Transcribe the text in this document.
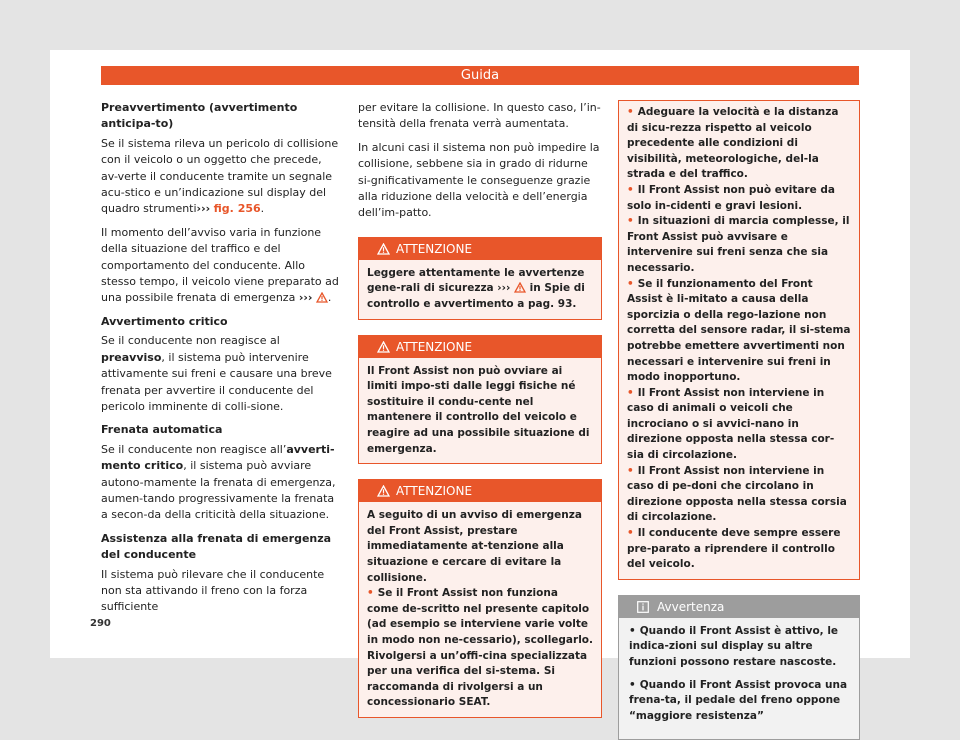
Guida
Preavvertimento (avvertimento anticipa-to)

Se il sistema rileva un pericolo di collisione con il veicolo o un oggetto che precede, av-verte il conducente tramite un segnale acu-stico e un’indicazione sul display del quadro strumenti››› fig. 256.

Il momento dell’avviso varia in funzione della situazione del traffico e del comportamento del conducente. Allo stesso tempo, il veicolo viene preparato ad una possibile frenata di emergenza ››› .

Avvertimento critico

Se il conducente non reagisce al preavviso, il sistema può intervenire attivamente sui freni e causare una breve frenata per avvertire il conducente del pericolo imminente di colli-sione.

Frenata automatica

Se il conducente non reagisce all’avverti-mento critico, il sistema può avviare autono-mamente la frenata di emergenza, aumen-tando progressivamente la frenata a secon-da della criticità della situazione.

Assistenza alla frenata di emergenza del conducente

Il sistema può rilevare che il conducente non sta attivando il freno con la forza sufficiente

per evitare la collisione. In questo caso, l’in-tensità della frenata verrà aumentata.

In alcuni casi il sistema non può impedire la collisione, sebbene sia in grado di ridurne si-gnificativamente le conseguenze grazie alla riduzione della velocità e dell’energia dell’im-patto.

ATTENZIONE

Leggere attentamente le avvertenze gene-rali di sicurezza ››› in Spie di controllo e avvertimento a pag. 93.

ATTENZIONE

Il Front Assist non può ovviare ai limiti impo-sti dalle leggi fisiche né sostituire il condu-cente nel mantenere il controllo del veicolo e reagire ad una possibile situazione di emergenza.

ATTENZIONE

A seguito di un avviso di emergenza del Front Assist, prestare immediatamente at-tenzione alla situazione e cercare di evitare la collisione.

• Se il Front Assist non funziona come de-scritto nel presente capitolo (ad esempio se interviene varie volte in modo non ne-cessario), scollegarlo. Rivolgersi a un’offi-cina specializzata per una verifica del si-stema. Si raccomanda di rivolgersi a un concessionario SEAT.

• Adeguare la velocità e la distanza di sicu-rezza rispetto al veicolo precedente alle condizioni di visibilità, meteorologiche, del-la strada e del traffico.

• Il Front Assist non può evitare da solo in-cidenti e gravi lesioni.

• In situazioni di marcia complesse, il Front Assist può avvisare e intervenire sui freni senza che sia necessario.

• Se il funzionamento del Front Assist è li-mitato a causa della sporcizia o della rego-lazione non corretta del sensore radar, il si-stema potrebbe emettere avvertimenti non necessari e intervenire sui freni in modo inopportuno.

• Il Front Assist non interviene in caso di animali o veicoli che incrociano o si avvici-nano in direzione opposta nella stessa cor-sia di circolazione.

• Il Front Assist non interviene in caso di pe-doni che circolano in direzione opposta nella stessa corsia di circolazione.

• Il conducente deve sempre essere pre-parato a riprendere il controllo del veicolo.

Avvertenza

• Quando il Front Assist è attivo, le indica-zioni sul display su altre funzioni possono restare nascoste.

• Quando il Front Assist provoca una frena-ta, il pedale del freno oppone “maggiore resistenza”

290
